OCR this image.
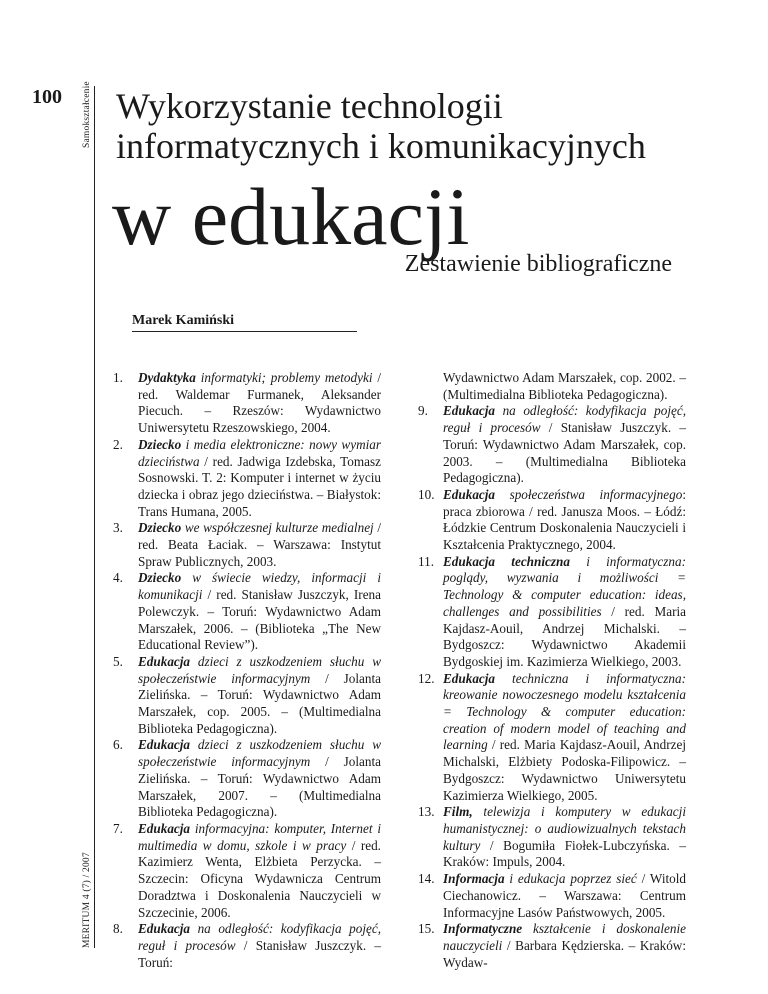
100 Samokształcenie
MERITUM 4 (7) / 2007
Wykorzystanie technologii
informatycznych i komunikacyjnych
w edukacji
Zestawienie bibliograficzne
Marek Kamiński
1. Dydaktyka informatyki; problemy metodyki / red. Waldemar Furmanek, Aleksander Piecuch. – Rzeszów: Wydawnictwo Uniwersytetu Rzeszowskiego, 2004.
2. Dziecko i media elektroniczne: nowy wymiar dzieciństwa / red. Jadwiga Izdebska, Tomasz Sosnowski. T. 2: Komputer i internet w życiu dziecka i obraz jego dzieciństwa. – Białystok: Trans Humana, 2005.
3. Dziecko we współczesnej kulturze medialnej / red. Beata Łaciak. – Warszawa: Instytut Spraw Publicznych, 2003.
4. Dziecko w świecie wiedzy, informacji i komunikacji / red. Stanisław Juszczyk, Irena Polewczyk. – Toruń: Wydawnictwo Adam Marszałek, 2006. – (Biblioteka „The New Educational Review”).
5. Edukacja dzieci z uszkodzeniem słuchu w społeczeństwie informacyjnym / Jolanta Zielińska. – Toruń: Wydawnictwo Adam Marszałek, cop. 2005. – (Multimedialna Biblioteka Pedagogiczna).
6. Edukacja dzieci z uszkodzeniem słuchu w społeczeństwie informacyjnym / Jolanta Zielińska. – Toruń: Wydawnictwo Adam Marszałek, 2007. – (Multimedialna Biblioteka Pedagogiczna).
7. Edukacja informacyjna: komputer, Internet i multimedia w domu, szkole i w pracy / red. Kazimierz Wenta, Elżbieta Perzycka. – Szczecin: Oficyna Wydawnicza Centrum Doradztwa i Doskonalenia Nauczycieli w Szczecinie, 2006.
8. Edukacja na odległość: kodyfikacja pojęć, reguł i procesów / Stanisław Juszczyk. – Toruń:
Wydawnictwo Adam Marszałek, cop. 2002. – (Multimedialna Biblioteka Pedagogiczna).
9. Edukacja na odległość: kodyfikacja pojęć, reguł i procesów / Stanisław Juszczyk. – Toruń: Wydawnictwo Adam Marszałek, cop. 2003. – (Multimedialna Biblioteka Pedagogiczna).
10. Edukacja społeczeństwa informacyjnego: praca zbiorowa / red. Janusza Moos. – Łódź: Łódzkie Centrum Doskonalenia Nauczycieli i Kształcenia Praktycznego, 2004.
11. Edukacja techniczna i informatyczna: poglądy, wyzwania i możliwości = Technology & computer education: ideas, challenges and possibilities / red. Maria Kajdasz-Aouil, Andrzej Michalski. – Bydgoszcz: Wydawnictwo Akademii Bydgoskiej im. Kazimierza Wielkiego, 2003.
12. Edukacja techniczna i informatyczna: kreowanie nowoczesnego modelu kształcenia = Technology & computer education: creation of modern model of teaching and learning / red. Maria Kajdasz-Aouil, Andrzej Michalski, Elżbiety Podoska-Filipowicz. – Bydgoszcz: Wydawnictwo Uniwersytetu Kazimierza Wielkiego, 2005.
13. Film, telewizja i komputery w edukacji humanistycznej: o audiowizualnych tekstach kultury / Bogumiła Fiołek-Lubczyńska. – Kraków: Impuls, 2004.
14. Informacja i edukacja poprzez sieć / Witold Ciechanowicz. – Warszawa: Centrum Informacyjne Lasów Państwowych, 2005.
15. Informatyczne kształcenie i doskonalenie nauczycieli / Barbara Kędzierska. – Kraków: Wydaw-
